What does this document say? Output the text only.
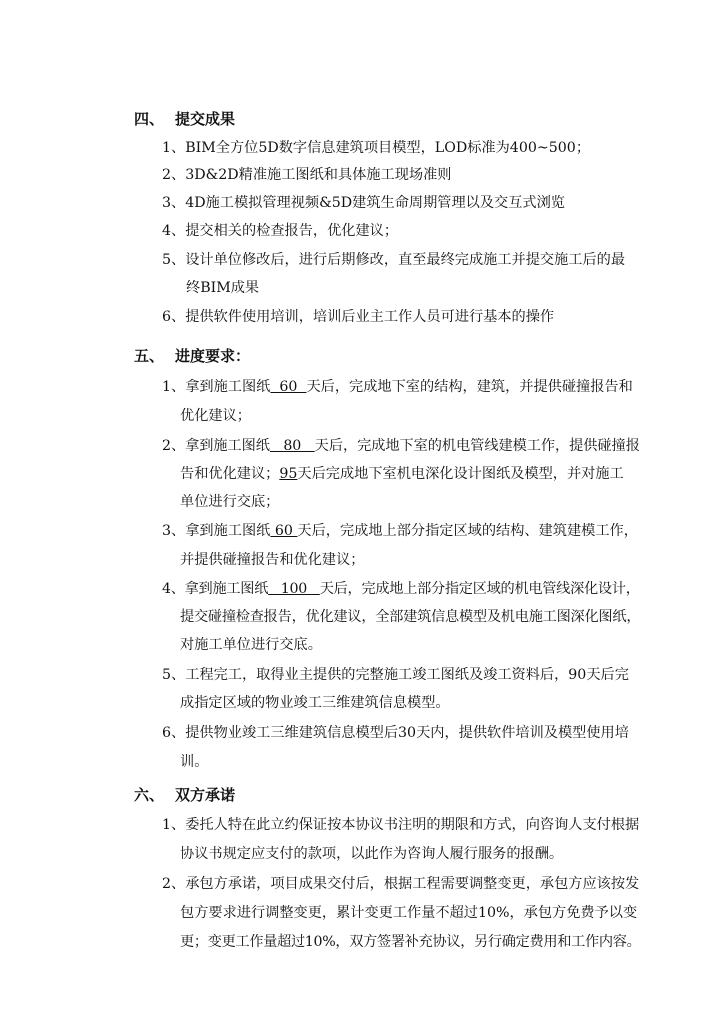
四、 提交成果
1、BIM全方位5D数字信息建筑项目模型，LOD标准为400~500；
2、3D&2D精准施工图纸和具体施工现场准则
3、4D施工模拟管理视频&5D建筑生命周期管理以及交互式浏览
4、提交相关的检查报告，优化建议；
5、设计单位修改后，进行后期修改，直至最终完成施工并提交施工后的最
终BIM成果
6、提供软件使用培训，培训后业主工作人员可进行基本的操作
五、 进度要求：
1、拿到施工图纸  60  天后，完成地下室的结构，建筑，并提供碰撞报告和
优化建议；
2、拿到施工图纸   80   天后，完成地下室的机电管线建模工作，提供碰撞报
告和优化建议；95天后完成地下室机电深化设计图纸及模型，并对施工
单位进行交底；
3、拿到施工图纸 60 天后，完成地上部分指定区域的结构、建筑建模工作，
并提供碰撞报告和优化建议；
4、拿到施工图纸   100   天后，完成地上部分指定区域的机电管线深化设计，
提交碰撞检查报告，优化建议，全部建筑信息模型及机电施工图深化图纸，
对施工单位进行交底。
5、工程完工，取得业主提供的完整施工竣工图纸及竣工资料后，90天后完
成指定区域的物业竣工三维建筑信息模型。
6、提供物业竣工三维建筑信息模型后30天内，提供软件培训及模型使用培
训。
六、 双方承诺
1、委托人特在此立约保证按本协议书注明的期限和方式，向咨询人支付根据
协议书规定应支付的款项，以此作为咨询人履行服务的报酬。
2、承包方承诺，项目成果交付后，根据工程需要调整变更，承包方应该按发
包方要求进行调整变更，累计变更工作量不超过10%，承包方免费予以变
更；变更工作量超过10%，双方签署补充协议，另行确定费用和工作内容。
